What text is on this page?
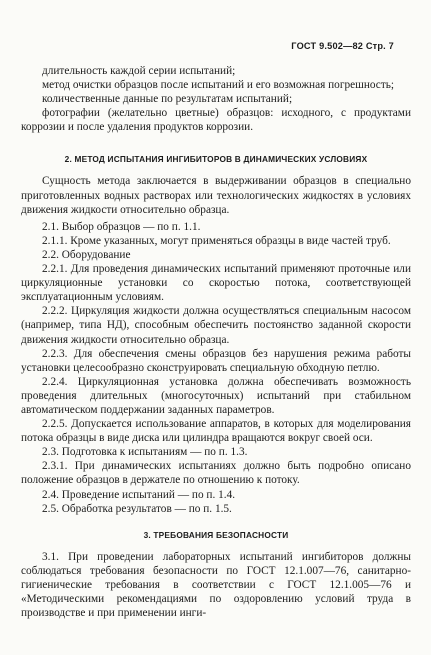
ГОСТ 9.502—82 Стр. 7

длительность каждой серии испытаний;

метод очистки образцов после испытаний и его возможная погрешность;

количественные данные по результатам испытаний;

фотографии (желательно цветные) образцов: исходного, с продуктами коррозии и после удаления продуктов коррозии.

2. МЕТОД ИСПЫТАНИЯ ИНГИБИТОРОВ В ДИНАМИЧЕСКИХ УСЛОВИЯХ

Сущность метода заключается в выдерживании образцов в специально приготовленных водных растворах или технологических жидкостях в условиях движения жидкости относительно образца.

2.1. Выбор образцов — по п. 1.1.

2.1.1. Кроме указанных, могут применяться образцы в виде частей труб.

2.2. Оборудование

2.2.1. Для проведения динамических испытаний применяют проточные или циркуляционные установки со скоростью потока, соответствующей эксплуатационным условиям.

2.2.2. Циркуляция жидкости должна осуществляться специальным насосом (например, типа НД), способным обеспечить постоянство заданной скорости движения жидкости относительно образца.

2.2.3. Для обеспечения смены образцов без нарушения режима работы установки целесообразно сконструировать специальную обходную петлю.

2.2.4. Циркуляционная установка должна обеспечивать возможность проведения длительных (многосуточных) испытаний при стабильном автоматическом поддержании заданных параметров.

2.2.5. Допускается использование аппаратов, в которых для моделирования потока образцы в виде диска или цилиндра вращаются вокруг своей оси.

2.3. Подготовка к испытаниям — по п. 1.3.

2.3.1. При динамических испытаниях должно быть подробно описано положение образцов в держателе по отношению к потоку.

2.4. Проведение испытаний — по п. 1.4.

2.5. Обработка результатов — по п. 1.5.

3. ТРЕБОВАНИЯ БЕЗОПАСНОСТИ

3.1. При проведении лабораторных испытаний ингибиторов должны соблюдаться требования безопасности по ГОСТ 12.1.007—76, санитарно-гигиенические требования в соответствии с ГОСТ 12.1.005—76 и «Методическими рекомендациями по оздоровлению условий труда в производстве и при применении инги-
